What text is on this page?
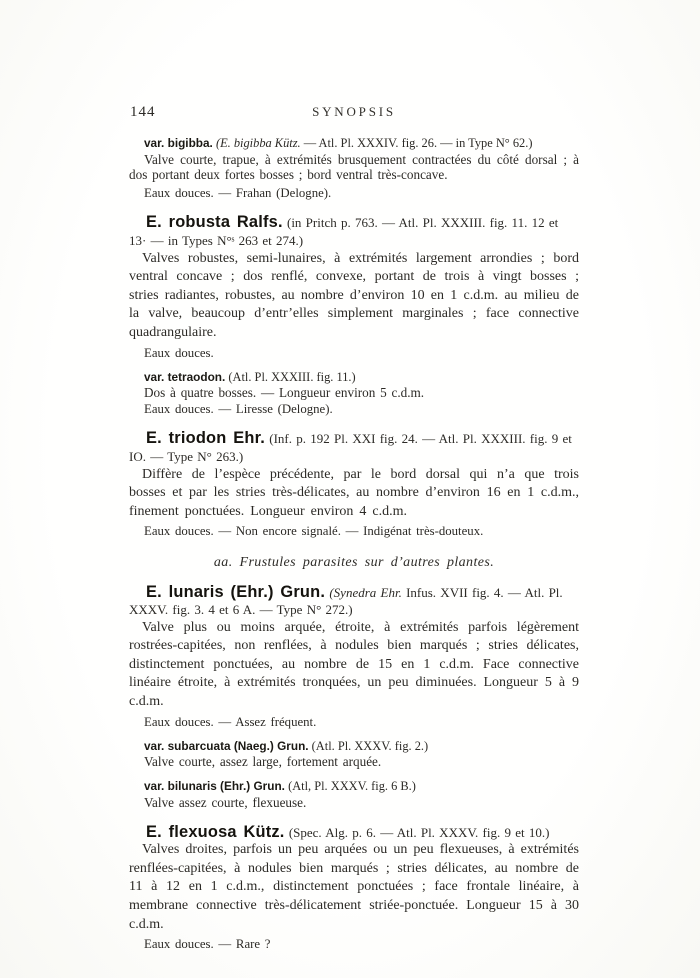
144	SYNOPSIS

var. bigibba. (E. bigibba Kütz. — Atl. Pl. XXXIV. fig. 26. — in Type N° 62.)

Valve courte, trapue, à extrémités brusquement contractées du côté dorsal ; à dos portant deux fortes bosses ; bord ventral très-concave.

Eaux douces. — Frahan (Delogne).

E. robusta Ralfs. (in Pritch p. 763. — Atl. Pl. XXXIII. fig. 11. 12 et 13· — in Types N°ˢ 263 et 274.)

Valves robustes, semi-lunaires, à extrémités largement arrondies ; bord ventral concave ; dos renflé, convexe, portant de trois à vingt bosses ; stries radiantes, robustes, au nombre d’environ 10 en 1 c.d.m. au milieu de la valve, beaucoup d’entr’elles simplement marginales ; face connective quadrangulaire.

Eaux douces.

var. tetraodon. (Atl. Pl. XXXIII. fig. 11.)

Dos à quatre bosses. — Longueur environ 5 c.d.m.

Eaux douces. — Liresse (Delogne).

E. triodon Ehr. (Inf. p. 192 Pl. XXI fig. 24. — Atl. Pl. XXXIII. fig. 9 et IO. — Type N° 263.)

Diffère de l’espèce précédente, par le bord dorsal qui n’a que trois bosses et par les stries très-délicates, au nombre d’environ 16 en 1 c.d.m., finement ponctuées. Longueur environ 4 c.d.m.

Eaux douces. — Non encore signalé. — Indigénat très-douteux.

aa. Frustules parasites sur d’autres plantes.

E. lunaris (Ehr.) Grun. (Synedra Ehr. Infus. XVII fig. 4. — Atl. Pl. XXXV. fig. 3. 4 et 6 A. — Type N° 272.)

Valve plus ou moins arquée, étroite, à extrémités parfois légèrement rostrées-capitées, non renflées, à nodules bien marqués ; stries délicates, distinctement ponctuées, au nombre de 15 en 1 c.d.m. Face connective linéaire étroite, à extrémités tronquées, un peu diminuées. Longueur 5 à 9 c.d.m.

Eaux douces. — Assez fréquent.

var. subarcuata (Naeg.) Grun. (Atl. Pl. XXXV. fig. 2.)

Valve courte, assez large, fortement arquée.

var. bilunaris (Ehr.) Grun. (Atl, Pl. XXXV. fig. 6 B.)

Valve assez courte, flexueuse.

E. flexuosa Kütz. (Spec. Alg. p. 6. — Atl. Pl. XXXV. fig. 9 et 10.)

Valves droites, parfois un peu arquées ou un peu flexueuses, à extrémités renflées-capitées, à nodules bien marqués ; stries délicates, au nombre de 11 à 12 en 1 c.d.m., distinctement ponctuées ; face frontale linéaire, à membrane connective très-délicatement striée-ponctuée. Longueur 15 à 30 c.d.m.

Eaux douces. — Rare ?
